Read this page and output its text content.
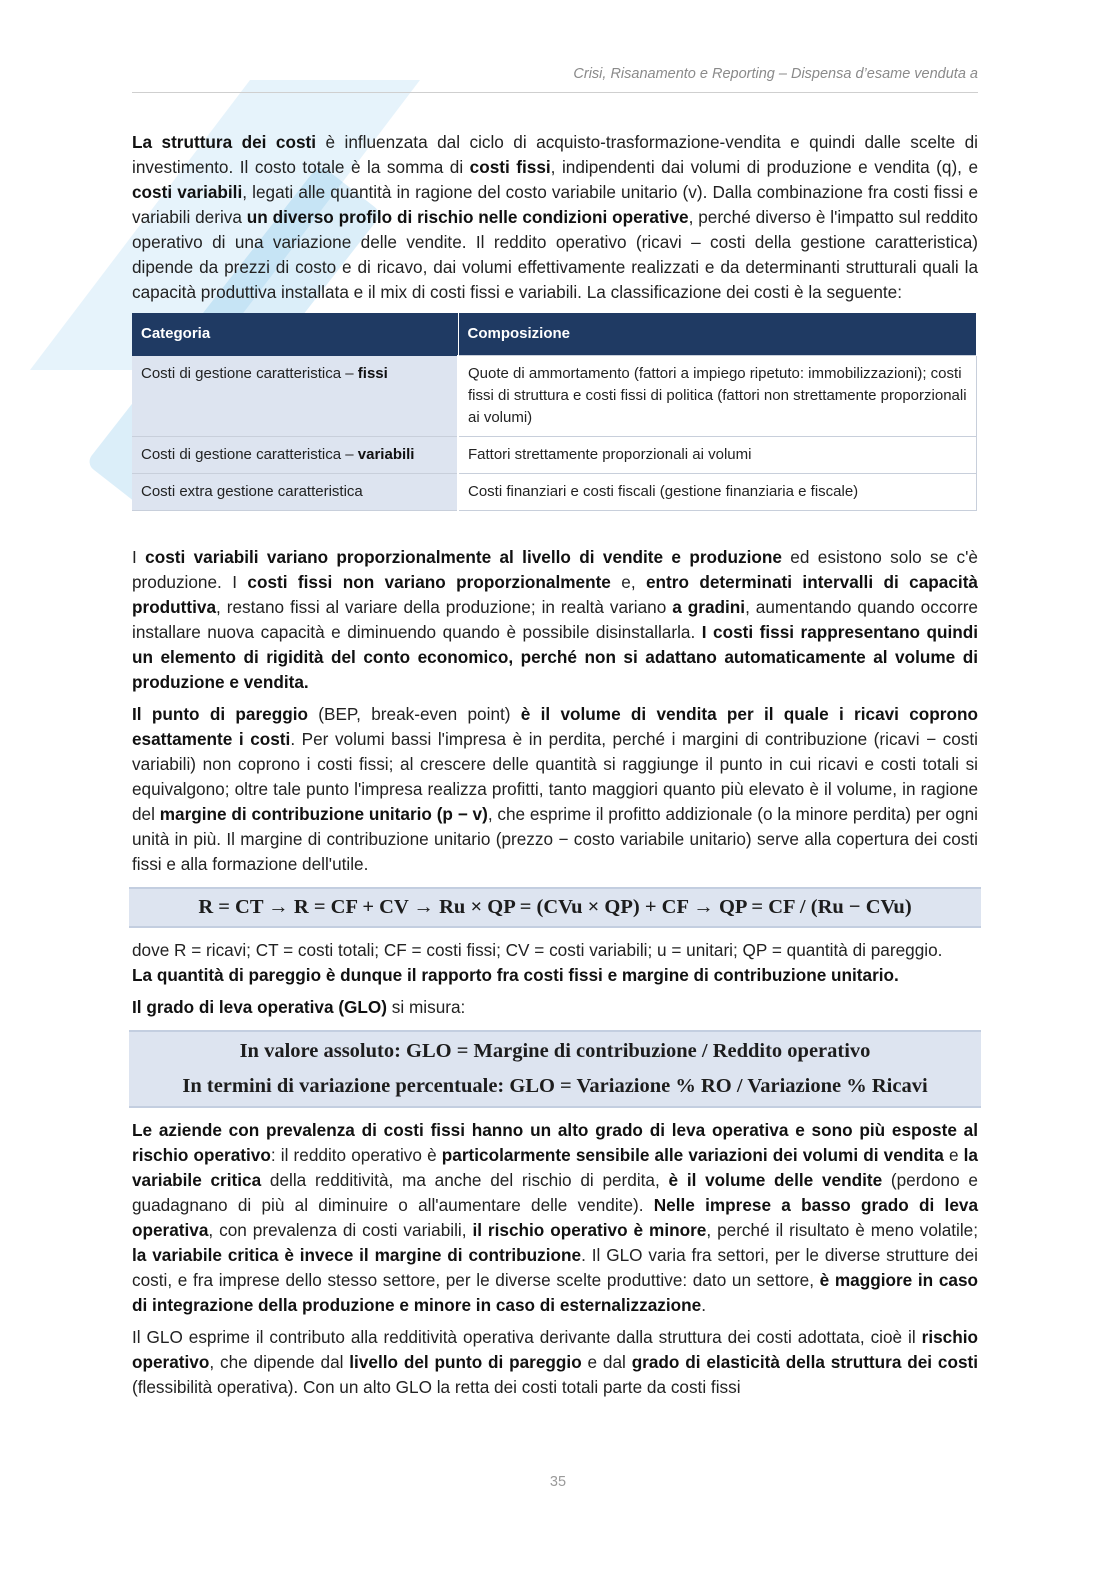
Crisi, Risanamento e Reporting – Dispensa d’esame venduta a

La struttura dei costi è influenzata dal ciclo di acquisto-trasformazione-vendita e quindi dalle scelte di investimento. Il costo totale è la somma di costi fissi, indipendenti dai volumi di produzione e vendita (q), e costi variabili, legati alle quantità in ragione del costo variabile unitario (v). Dalla combinazione fra costi fissi e variabili deriva un diverso profilo di rischio nelle condizioni operative, perché diverso è l'impatto sul reddito operativo di una variazione delle vendite. Il reddito operativo (ricavi – costi della gestione caratteristica) dipende da prezzi di costo e di ricavo, dai volumi effettivamente realizzati e da determinanti strutturali quali la capacità produttiva installata e il mix di costi fissi e variabili. La classificazione dei costi è la seguente:

Categoria	Composizione
Costi di gestione caratteristica – fissi	Quote di ammortamento (fattori a impiego ripetuto: immobilizzazioni); costi fissi di struttura e costi fissi di politica (fattori non strettamente proporzionali ai volumi)
Costi di gestione caratteristica – variabili	Fattori strettamente proporzionali ai volumi
Costi extra gestione caratteristica	Costi finanziari e costi fiscali (gestione finanziaria e fiscale)

I costi variabili variano proporzionalmente al livello di vendite e produzione ed esistono solo se c'è produzione. I costi fissi non variano proporzionalmente e, entro determinati intervalli di capacità produttiva, restano fissi al variare della produzione; in realtà variano a gradini, aumentando quando occorre installare nuova capacità e diminuendo quando è possibile disinstallarla. I costi fissi rappresentano quindi un elemento di rigidità del conto economico, perché non si adattano automaticamente al volume di produzione e vendita.

Il punto di pareggio (BEP, break-even point) è il volume di vendita per il quale i ricavi coprono esattamente i costi. Per volumi bassi l'impresa è in perdita, perché i margini di contribuzione (ricavi − costi variabili) non coprono i costi fissi; al crescere delle quantità si raggiunge il punto in cui ricavi e costi totali si equivalgono; oltre tale punto l'impresa realizza profitti, tanto maggiori quanto più elevato è il volume, in ragione del margine di contribuzione unitario (p − v), che esprime il profitto addizionale (o la minore perdita) per ogni unità in più. Il margine di contribuzione unitario (prezzo − costo variabile unitario) serve alla copertura dei costi fissi e alla formazione dell'utile.

R = CT → R = CF + CV → Ru × QP = (CVu × QP) + CF → QP = CF / (Ru − CVu)

dove R = ricavi; CT = costi totali; CF = costi fissi; CV = costi variabili; u = unitari; QP = quantità di pareggio.
La quantità di pareggio è dunque il rapporto fra costi fissi e margine di contribuzione unitario.

Il grado di leva operativa (GLO) si misura:

In valore assoluto: GLO = Margine di contribuzione / Reddito operativo
In termini di variazione percentuale: GLO = Variazione % RO / Variazione % Ricavi

Le aziende con prevalenza di costi fissi hanno un alto grado di leva operativa e sono più esposte al rischio operativo: il reddito operativo è particolarmente sensibile alle variazioni dei volumi di vendita e la variabile critica della redditività, ma anche del rischio di perdita, è il volume delle vendite (perdono e guadagnano di più al diminuire o all'aumentare delle vendite). Nelle imprese a basso grado di leva operativa, con prevalenza di costi variabili, il rischio operativo è minore, perché il risultato è meno volatile; la variabile critica è invece il margine di contribuzione. Il GLO varia fra settori, per le diverse strutture dei costi, e fra imprese dello stesso settore, per le diverse scelte produttive: dato un settore, è maggiore in caso di integrazione della produzione e minore in caso di esternalizzazione.

Il GLO esprime il contributo alla redditività operativa derivante dalla struttura dei costi adottata, cioè il rischio operativo, che dipende dal livello del punto di pareggio e dal grado di elasticità della struttura dei costi (flessibilità operativa). Con un alto GLO la retta dei costi totali parte da costi fissi

35
